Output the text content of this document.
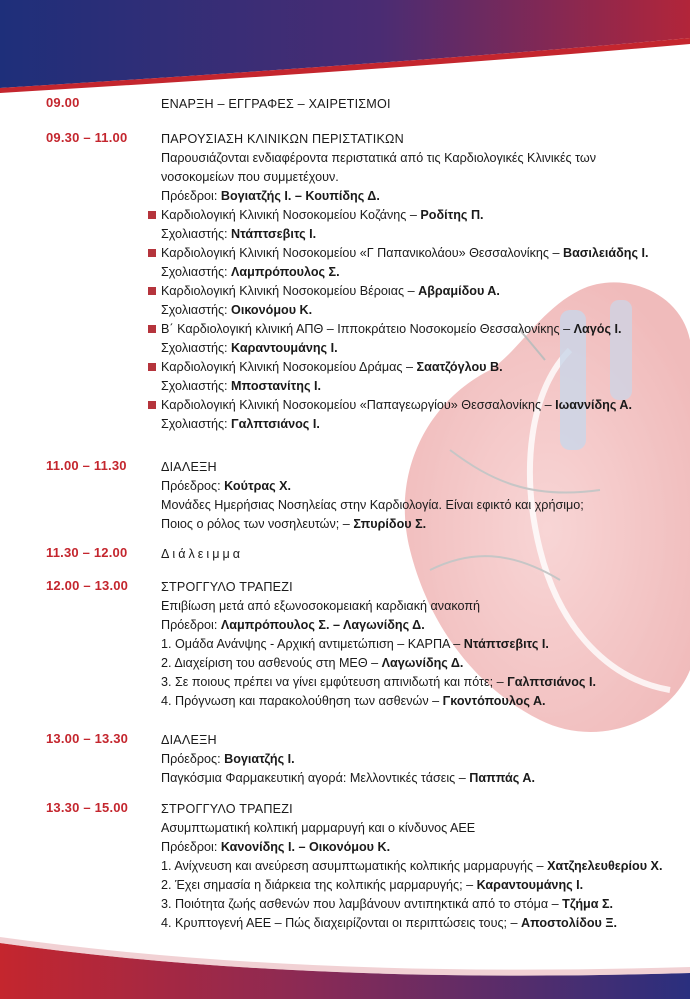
09.00	ΕΝΑΡΞΗ – ΕΓΓΡΑΦΕΣ – ΧΑΙΡΕΤΙΣΜΟΙ
09.30 – 11.00	ΠΑΡΟΥΣΙΑΣΗ ΚΛΙΝΙΚΩΝ ΠΕΡΙΣΤΑΤΙΚΩΝ
Παρουσιάζονται ενδιαφέροντα περιστατικά από τις Καρδιολογικές Κλινικές των νοσοκομείων που συμμετέχουν.
Πρόεδροι: Βογιατζής Ι. – Κουπίδης Δ.
Καρδιολογική Κλινική Νοσοκομείου Κοζάνης – Ροδίτης Π.
Σχολιαστής: Ντάπτσεβιτς Ι.
Καρδιολογική Κλινική Νοσοκομείου «Γ Παπανικολάου» Θεσσαλονίκης – Βασιλειάδης Ι.
Σχολιαστής: Λαμπρόπουλος Σ.
Καρδιολογική Κλινική Νοσοκομείου Βέροιας – Αβραμίδου Α.
Σχολιαστής: Οικονόμου Κ.
Β΄ Καρδιολογική κλινική ΑΠΘ – Ιπποκράτειο Νοσοκομείο Θεσσαλονίκης – Λαγός Ι.
Σχολιαστής: Καραντουμάνης Ι.
Καρδιολογική Κλινική Νοσοκομείου Δράμας – Σαατζόγλου Β.
Σχολιαστής: Μποστανίτης Ι.
Καρδιολογική Κλινική Νοσοκομείου «Παπαγεωργίου» Θεσσαλονίκης – Ιωαννίδης Α.
Σχολιαστής: Γαλπτσιάνος Ι.
11.00 – 11.30	ΔΙΑΛΕΞΗ
Πρόεδρος: Κούτρας Χ.
Μονάδες Ημερήσιας Νοσηλείας στην Καρδιολογία. Είναι εφικτό και χρήσιμο;
Ποιος ο ρόλος των νοσηλευτών; – Σπυρίδου Σ.
11.30 – 12.00	Διάλειμμα
12.00 – 13.00	ΣΤΡΟΓΓΥΛΟ ΤΡΑΠΕΖΙ
Επιβίωση μετά από εξωνοσοκομειακή καρδιακή ανακοπή
Πρόεδροι: Λαμπρόπουλος Σ. – Λαγωνίδης Δ.
1. Ομάδα Ανάνψης - Αρχική αντιμετώπιση – ΚΑΡΠΑ – Ντάπτσεβιτς Ι.
2. Διαχείριση του ασθενούς στη ΜΕΘ – Λαγωνίδης Δ.
3. Σε ποιους πρέπει να γίνει εμφύτευση απινιδωτή και πότε; – Γαλπτσιάνος Ι.
4. Πρόγνωση και παρακολούθηση των ασθενών – Γκοντόπουλος Α.
13.00 – 13.30	ΔΙΑΛΕΞΗ
Πρόεδρος: Βογιατζής Ι.
Παγκόσμια Φαρμακευτική αγορά: Μελλοντικές τάσεις – Παππάς Α.
13.30 – 15.00	ΣΤΡΟΓΓΥΛΟ ΤΡΑΠΕΖΙ
Ασυμπτωματική κολπική μαρμαρυγή και ο κίνδυνος ΑΕΕ
Πρόεδροι: Κανονίδης Ι. – Οικονόμου Κ.
1. Ανίχνευση και ανεύρεση ασυμπτωματικής κολπικής μαρμαρυγής – Χατζηελευθερίου Χ.
2. Έχει σημασία η διάρκεια της κολπικής μαρμαρυγής; – Καραντουμάνης Ι.
3. Ποιότητα ζωής ασθενών που λαμβάνουν αντιπηκτικά από το στόμα – Τζήμα Σ.
4. Κρυπτογενή ΑΕΕ – Πώς διαχειρίζονται οι περιπτώσεις τους; – Αποστολίδου Ξ.
